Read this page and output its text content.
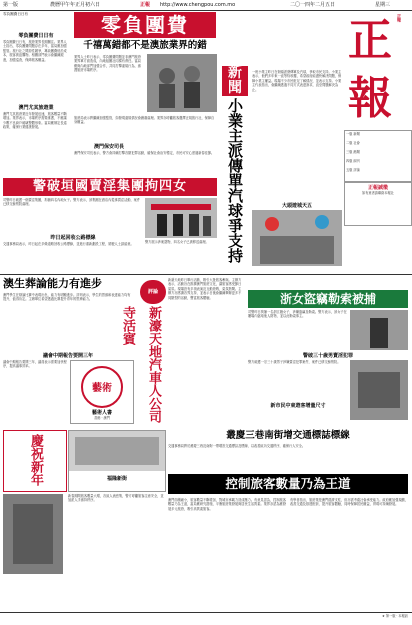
第一版	農曆甲午年正月初六日	正報 http://www.chengpou.com.mo	二〇一四年二月五日	星期三
零負團費日日有
零負團費日日有
零負團費日日有，旅遊業界長期關注。業界人士指出，零負團費問題存在多年，當局應加強監管。旅行社之間惡性競爭，導致團費低於成本，旅客被迫購物。相關部門表示會繼續跟進，加強巡查，保障旅客權益。
澳門尤其旅遊業
澳門尤其旅遊業近年發展迅速，旅客數量不斷增加。業界表示，市場秩序需要維護，不應讓少數不良商戶破壞整體形象。當局應制定長遠政策，確保行業健康發展。
零負團費
千禧萬錯都不是澳旅業界的錯
業界人士昨日表示，零負團費問題並非澳門旅遊業界單方面造成，內地組團社同樣有責任。當局應與內地部門加強合作，共同打擊違規行為，維護旅遊市場秩序。
旅遊局表示將繼續加強監管，如發現違規情況會嚴肅處理。業界亦呼籲旅客選擇正規旅行社，保障自身權益。
澳門保安司長
澳門保安司長表示，警方會持續打擊各類犯罪活動，確保社會治安穩定，市民可安心度過新春佳節。
警破垣國賣淫集團拘四女
司警昨日破獲一個賣淫集團，拘捕四名內地女子。警方表示，該集團在酒店內從事賣淫活動，案件已移交檢察院處理。
昨日起回收公路標線
交通事務局表示，昨日起在多條道路回收公路標線，並進行重新劃設工程，駕駛人士請留意。	警方展示涉案證物，四名女子已被移送處理。
正
報
正報
一版 新聞
二版 社會
三版 港聞
四版 副刊
五版 評論
正報誠徵
如有意者請聯絡本報社
新聞
小業主派傳單汽球爭支持
一班小業主昨日在街頭派發傳單及汽球，爭取市民支持。小業主表示，他們多年來一直等待收樓，希望政府能盡快解決問題，保障小業主權益。現場不少市民駐足了解情況，並表示支持。小業主代表指出，會繼續透過不同方式表達訴求，直至問題解決為止。
大頭遊城天五
澳生葬論能力有進步
澳門學生在辯論比賽中表現出色，能力有明顯進步。評判表示，學生的思維和表達能力均有提升，值得肯定。主辦單位希望透過比賽提升青年的思辨能力。
議會中期報告要開三年
議會中期報告要開三年，議員表示需要加快程序，提高議事效率。
藝術
藝術人書
香港 · 澳門
評論
新濠天地汽車人公司寺活賓
新濠天地昨日舉行活動，吸引大批旅客參與。主辦方表示，活動旨在推廣澳門旅遊文化，讓旅客感受節日氣氛。現場設有多項表演及互動遊戲，氣氛熱鬧。主辦方亦感謝各界支持，並表示日後會繼續舉辦更多不同類型的活動，豐富旅客體驗。	浙女盜竊勒索被捕
司警昨日拘捕一名浙江籍女子，涉嫌盜竊及勒索。警方表示，該女子在賭場內盜取他人財物，並以此勒索事主。
警破三十歲男賣淫犯罪
警方破獲一宗三十歲男子涉嫌賣淫犯罪案件，案件已移交檢察院。
新市民中東遊客增量尺寸
叢慶三巷南街增交通標誌標線
交通事務局將於叢慶三巷及南街一帶增設交通標誌及標線，以改善區內交通秩序，確保行人安全。
慶祝新年	福隆新街	控制旅客數量乃為王道
澳門面積細小，旅客數量不斷增加，對城市承載力造成壓力。有意見認為，控制旅客數量乃為王道，當局應研究措施，平衡旅遊業發展與居民生活質素。業界亦認為應發展多元旅遊，吸引高質素旅客。
有學者指出，旅遊業是澳門經濟支柱，但亦需考慮社會承受能力。政府應加強規劃，改善交通及基建配套，提升旅客體驗，同時保障居民權益，實現可持續發展。
新春期間旅客數量大增，各區人流密集，警方呼籲旅客注意安全，並加派人手維持秩序。
★ 第一版 · 本報訊
